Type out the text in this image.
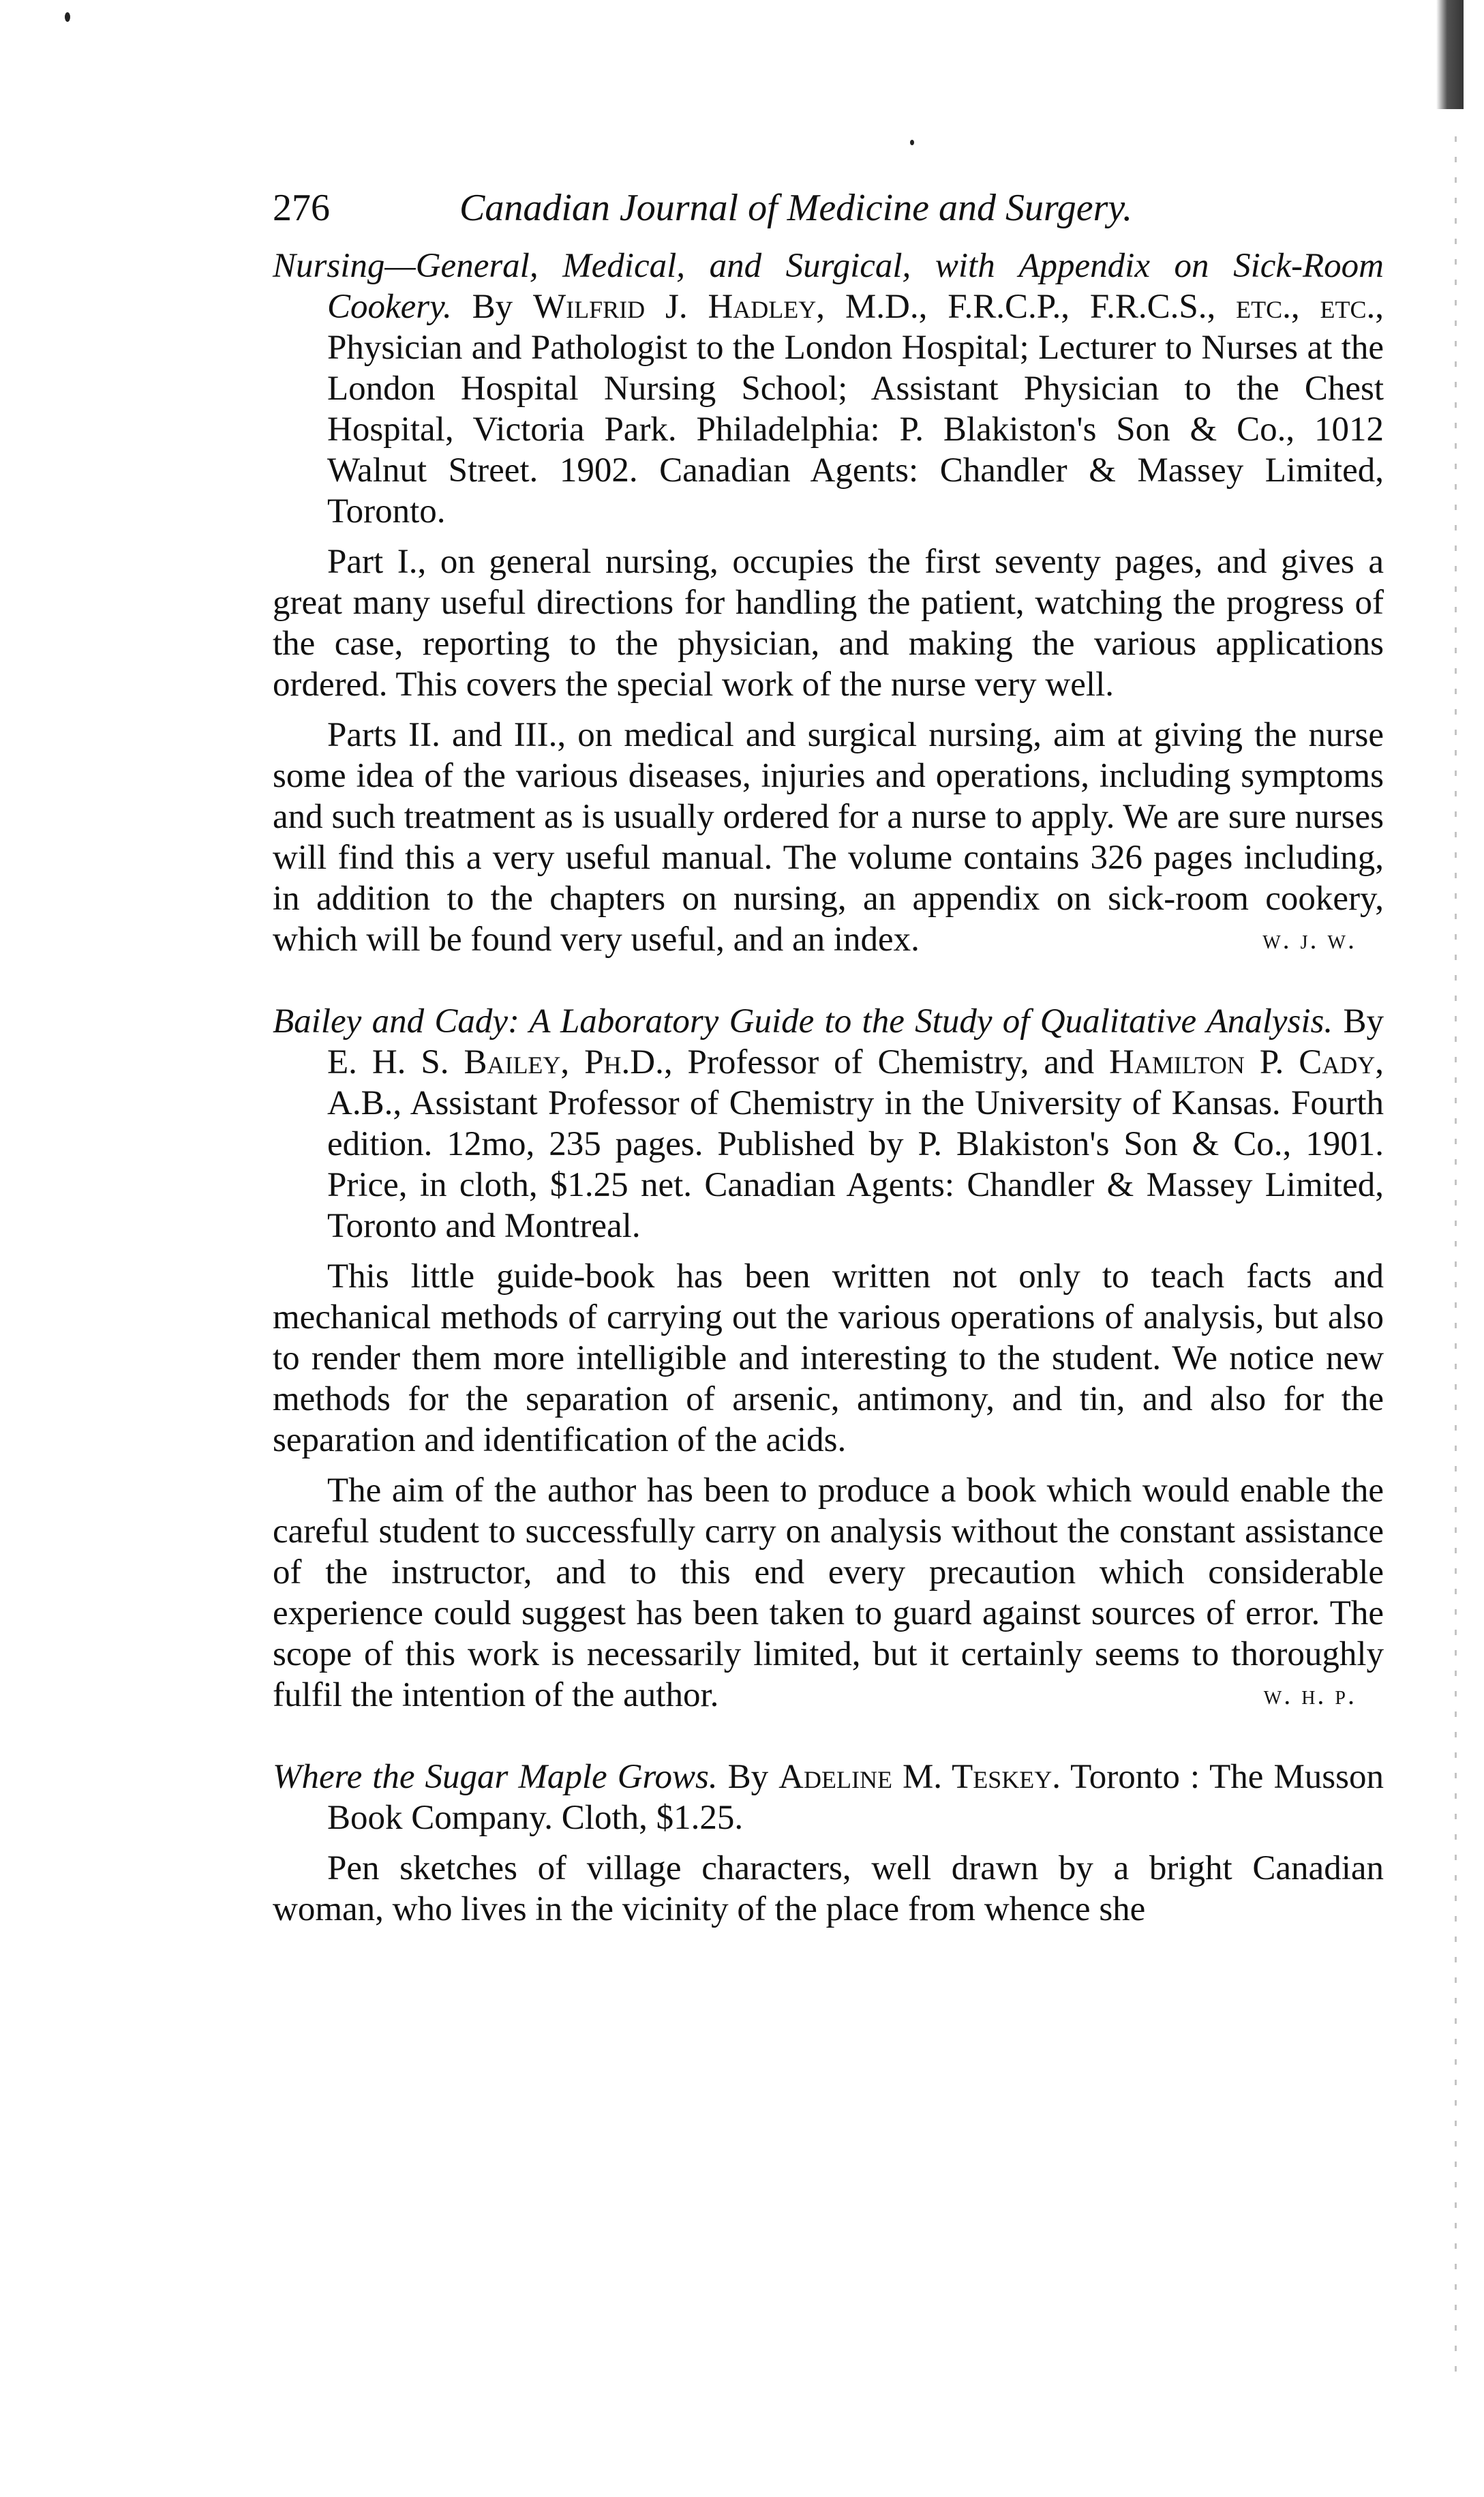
276	Canadian Journal of Medicine and Surgery.

Nursing—General, Medical, and Surgical, with Appendix on Sick-Room Cookery. By Wilfrid J. Hadley, M.D., F.R.C.P., F.R.C.S., etc., etc., Physician and Pathologist to the London Hospital; Lecturer to Nurses at the London Hospital Nursing School; Assistant Physician to the Chest Hospital, Victoria Park. Philadelphia: P. Blakiston's Son & Co., 1012 Walnut Street. 1902. Canadian Agents: Chandler & Massey Limited, Toronto.

Part I., on general nursing, occupies the first seventy pages, and gives a great many useful directions for handling the patient, watching the progress of the case, reporting to the physician, and making the various applications ordered. This covers the special work of the nurse very well.

Parts II. and III., on medical and surgical nursing, aim at giving the nurse some idea of the various diseases, injuries and operations, including symptoms and such treatment as is usually ordered for a nurse to apply. We are sure nurses will find this a very useful manual. The volume contains 326 pages including, in addition to the chapters on nursing, an appendix on sick-room cookery, which will be found very useful, and an index.	w. j. w.

Bailey and Cady: A Laboratory Guide to the Study of Qualitative Analysis. By E. H. S. Bailey, Ph.D., Professor of Chemistry, and Hamilton P. Cady, A.B., Assistant Professor of Chemistry in the University of Kansas. Fourth edition. 12mo, 235 pages. Published by P. Blakiston's Son & Co., 1901. Price, in cloth, $1.25 net. Canadian Agents: Chandler & Massey Limited, Toronto and Montreal.

This little guide-book has been written not only to teach facts and mechanical methods of carrying out the various operations of analysis, but also to render them more intelligible and interesting to the student. We notice new methods for the separation of arsenic, antimony, and tin, and also for the separation and identification of the acids.

The aim of the author has been to produce a book which would enable the careful student to successfully carry on analysis without the constant assistance of the instructor, and to this end every precaution which considerable experience could suggest has been taken to guard against sources of error. The scope of this work is necessarily limited, but it certainly seems to thoroughly fulfil the intention of the author.	w. h. p.

Where the Sugar Maple Grows. By Adeline M. Teskey. Toronto : The Musson Book Company. Cloth, $1.25.

Pen sketches of village characters, well drawn by a bright Canadian woman, who lives in the vicinity of the place from whence she
